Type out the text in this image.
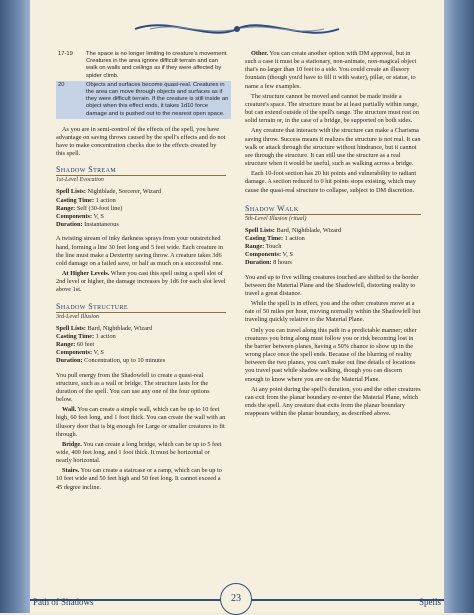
17-19	The space is no longer limiting to creature's movement. Creatures in the area ignore difficult terrain and can walk on walls and ceilings as if they were affected by spider climb.
20	Objects and surfaces become quasi-real. Creatures in the area can move through objects and surfaces as if they were difficult terrain. If the creature is still inside an object when this effect ends, it takes 1d10 force damage and is pushed out to the nearest open space.

As you are in semi-control of the effects of the spell, you have advantage on saving throws caused by the spell's effects and do not have to make concentration checks due to the effects created by this spell.

Shadow Stream
1st-Level Evocation
Spell Lists: Nightblade, Sorcerer, Wizard
Casting Time: 1 action
Range: Self (30-foot line)
Components: V, S
Duration: Instantaneous

A twisting stream of inky darkness sprays from your outstretched hand, forming a line 30 feet long and 5 feet wide. Each creature in the line must make a Dexterity saving throw. A creature takes 3d6 cold damage on a failed save, or half as much on a successful one.

At Higher Levels. When you cast this spell using a spell slot of 2nd level or higher, the damage increases by 1d6 for each slot level above 1st.

Shadow Structure
3rd-Level Illusion
Spell Lists: Bard, Nightblade, Wizard
Casting Time: 1 action
Range: 60 feet
Components: V, S
Duration: Concentration, up to 10 minutes

You pull energy from the Shadowfell to create a quasi-real structure, such as a wall or bridge. The structure lasts for the duration of the spell. You can use any one of the four options below.

Wall. You can create a simple wall, which can be up to 10 feet high, 60 feet long, and 1 foot thick. You can create the wall with an illusory door that is big enough for Large or smaller creatures to fit through.

Bridge. You can create a long bridge, which can be up to 5 feet wide, 400 feet long, and 1 foot thick. It must be horizontal or nearly horizontal.

Stairs. You can create a staircase or a ramp, which can be up to 10 feet wide and 50 feet high and 50 feet long. It cannot exceed a 45 degree incline.

Other. You can create another option with DM approval, but in such a case it must be a stationary, non-animate, non-magical object that's no larger than 10 feet to a side. You could create an illusory fountain (though you'd have to fill it with water), pillar, or statue, to name a few examples.

The structure cannot be moved and cannot be made inside a creature's space. The structure must be at least partially within range, but can extend outside of the spell's range. The structure must rest on solid terrain or, in the case of a bridge, be supported on both sides.

Any creature that interacts with the structure can make a Charisma saving throw. Success means it realizes the structure is not real. It can walk or attack through the structure without hindrance, but it cannot see through the structure. It can still use the structure as a real structure when it would be useful, such as walking across a bridge.

Each 10-foot section has 20 hit points and vulnerability to radiant damage. A section reduced to 0 hit points stops existing, which may cause the quasi-real structure to collapse, subject to DM discretion.

Shadow Walk
5th-Level Illusion (ritual)
Spell Lists: Bard, Nightblade, Wizard
Casting Time: 1 action
Range: Touch
Components: V, S
Duration: 8 hours

You and up to five willing creatures touched are shifted to the border between the Material Plane and the Shadowfell, distorting reality to travel a great distance.

While the spell is in effect, you and the other creatures move at a rate of 50 miles per hour, moving normally within the Shadowfell but traveling quickly relative to the Material Plane.

Only you can travel along this path in a predictable manner; other creatures you bring along must follow you or risk becoming lost in the barrier between planes, having a 50% chance to show up in the wrong place once the spell ends. Because of the blurring of reality between the two planes, you can't make out fine details of locations you travel past while shadow walking, though you can discern enough to know where you are on the Material Plane.

At any point during the spell's duration, you and the other creatures can exit from the planar boundary re-enter the Material Plane, which ends the spell. Any creature that exits from the planar boundary reappears within the planar boundary, as described above.

Path of Shadows	23	Spells
